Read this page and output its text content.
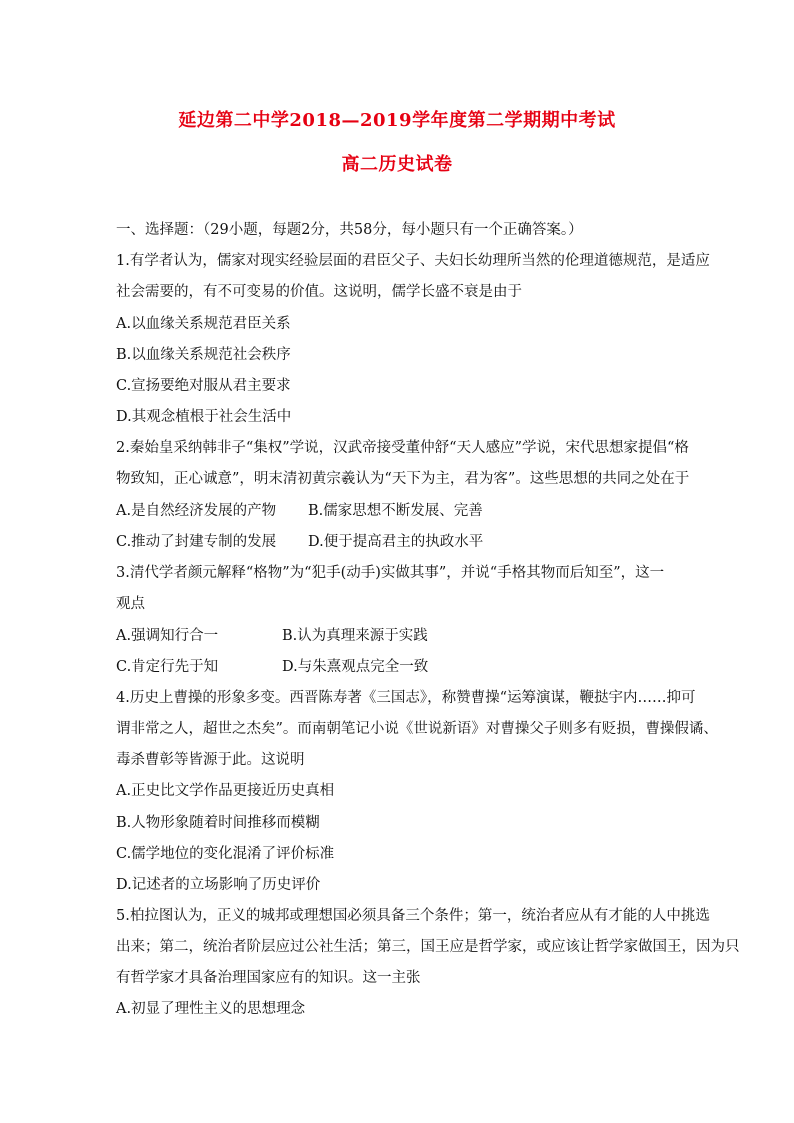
延边第二中学2018—2019学年度第二学期期中考试
高二历史试卷
一、选择题：（29小题，每题2分，共58分，每小题只有一个正确答案。）
1.有学者认为，儒家对现实经验层面的君臣父子、夫妇长幼理所当然的伦理道德规范，是适应
社会需要的，有不可变易的价值。这说明，儒学长盛不衰是由于
A.以血缘关系规范君臣关系
B.以血缘关系规范社会秩序
C.宣扬要绝对服从君主要求
D.其观念植根于社会生活中
2.秦始皇采纳韩非子“集权”学说，汉武帝接受董仲舒“天人感应”学说，宋代思想家提倡“格
物致知，正心诚意”，明末清初黄宗羲认为“天下为主，君为客”。这些思想的共同之处在于
A.是自然经济发展的产物 B.儒家思想不断发展、完善
C.推动了封建专制的发展 D.便于提高君主的执政水平
3.清代学者颜元解释“格物”为“犯手(动手)实做其事”，并说“手格其物而后知至”，这一
观点
A.强调知行合一	B.认为真理来源于实践
C.肯定行先于知	D.与朱熹观点完全一致
4.历史上曹操的形象多变。西晋陈寿著《三国志》，称赞曹操“运筹演谋，鞭挞宇内……抑可
谓非常之人，超世之杰矣”。而南朝笔记小说《世说新语》对曹操父子则多有贬损，曹操假谲、
毒杀曹彰等皆源于此。这说明
A.正史比文学作品更接近历史真相
B.人物形象随着时间推移而模糊
C.儒学地位的变化混淆了评价标准
D.记述者的立场影响了历史评价
5.柏拉图认为，正义的城邦或理想国必须具备三个条件；第一，统治者应从有才能的人中挑选
出来；第二，统治者阶层应过公社生活；第三，国王应是哲学家，或应该让哲学家做国王，因为只
有哲学家才具备治理国家应有的知识。这一主张
A.初显了理性主义的思想理念
